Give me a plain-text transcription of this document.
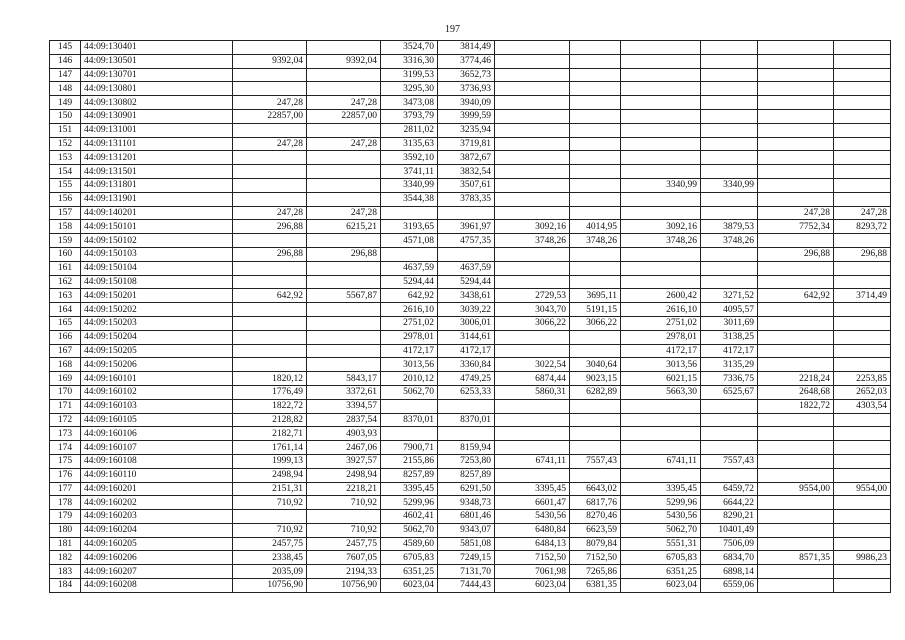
197
145	44:09:130401			3524,70	3814,49						
146	44:09:130501	9392,04	9392,04	3316,30	3774,46						
147	44:09:130701			3199,53	3652,73						
148	44:09:130801			3295,30	3736,93						
149	44:09:130802	247,28	247,28	3473,08	3940,09						
150	44:09:130901	22857,00	22857,00	3793,79	3999,59						
151	44:09:131001			2811,02	3235,94						
152	44:09:131101	247,28	247,28	3135,63	3719,81						
153	44:09:131201			3592,10	3872,67						
154	44:09:131501			3741,11	3832,54						
155	44:09:131801			3340,99	3507,61			3340,99	3340,99		
156	44:09:131901			3544,38	3783,35						
157	44:09:140201	247,28	247,28							247,28	247,28
158	44:09:150101	296,88	6215,21	3193,65	3961,97	3092,16	4014,95	3092,16	3879,53	7752,34	8293,72
159	44:09:150102			4571,08	4757,35	3748,26	3748,26	3748,26	3748,26		
160	44:09:150103	296,88	296,88							296,88	296,88
161	44:09:150104			4637,59	4637,59						
162	44:09:150108			5294,44	5294,44						
163	44:09:150201	642,92	5567,87	642,92	3438,61	2729,53	3695,11	2600,42	3271,52	642,92	3714,49
164	44:09:150202			2616,10	3039,22	3043,70	5191,15	2616,10	4095,57		
165	44:09:150203			2751,02	3006,01	3066,22	3066,22	2751,02	3011,69		
166	44:09:150204			2978,01	3144,61			2978,01	3138,25		
167	44:09:150205			4172,17	4172,17			4172,17	4172,17		
168	44:09:150206			3013,56	3360,84	3022,54	3040,64	3013,56	3135,29		
169	44:09:160101	1820,12	5843,17	2010,12	4749,25	6874,44	9023,15	6021,15	7336,75	2218,24	2253,85
170	44:09:160102	1776,49	3372,61	5062,70	6253,33	5860,31	6282,89	5663,30	6525,67	2648,68	2652,03
171	44:09:160103	1822,72	3394,57							1822,72	4303,54
172	44:09:160105	2128,82	2837,54	8370,01	8370,01						
173	44:09:160106	2182,71	4903,93								
174	44:09:160107	1761,14	2467,06	7900,71	8159,94						
175	44:09:160108	1999,13	3927,57	2155,86	7253,80	6741,11	7557,43	6741,11	7557,43		
176	44:09:160110	2498,94	2498,94	8257,89	8257,89						
177	44:09:160201	2151,31	2218,21	3395,45	6291,50	3395,45	6643,02	3395,45	6459,72	9554,00	9554,00
178	44:09:160202	710,92	710,92	5299,96	9348,73	6601,47	6817,76	5299,96	6644,22		
179	44:09:160203			4602,41	6801,46	5430,56	8270,46	5430,56	8290,21		
180	44:09:160204	710,92	710,92	5062,70	9343,07	6480,84	6623,59	5062,70	10401,49		
181	44:09:160205	2457,75	2457,75	4589,60	5851,08	6484,13	8079,84	5551,31	7506,09		
182	44:09:160206	2338,45	7607,05	6705,83	7249,15	7152,50	7152,50	6705,83	6834,70	8571,35	9986,23
183	44:09:160207	2035,09	2194,33	6351,25	7131,70	7061,98	7265,86	6351,25	6898,14		
184	44:09:160208	10756,90	10756,90	6023,04	7444,43	6023,04	6381,35	6023,04	6559,06		
